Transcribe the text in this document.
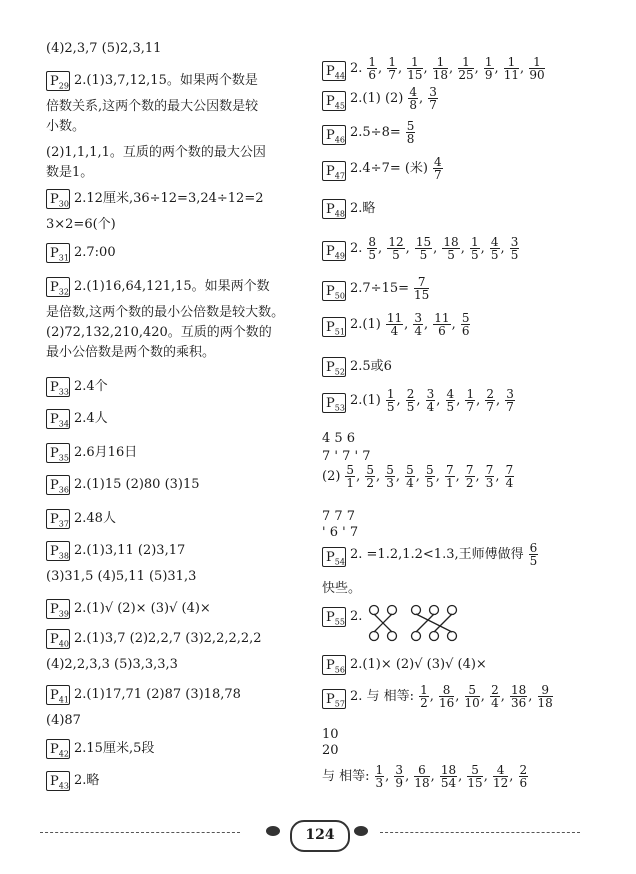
(4)2,3,7 (5)2,3,11
$P_{29}$ 2.(1)3,7,12,15。如果两个数是
倍数关系,这两个数的最大公因数是较
小数。
(2)1,1,1,1。互质的两个数的最大公因
数是1。
$P_{30}$ 2.12厘米,36÷12=3,24÷12=2
3×2=6(个)
$P_{31}$ 2.7:00
$P_{32}$ 2.(1)16,64,121,15。如果两个数
是倍数,这两个数的最小公倍数是较大数。
(2)72,132,210,420。互质的两个数的
最小公倍数是两个数的乘积。
$P_{33}$ 2.4个
$P_{34}$ 2.4人
$P_{35}$ 2.6月16日
$P_{36}$ 2.(1)15 (2)80 (3)15
$P_{37}$ 2.48人
$P_{38}$ 2.(1)3,11 (2)3,17
(3)31,5 (4)5,11 (5)31,3
$P_{39}$ 2.(1)√ (2)× (3)√ (4)×
$P_{40}$ 2.(1)3,7 (2)2,2,7 (3)2,2,2,2,2
(4)2,2,3,3 (5)3,3,3,3
$P_{41}$ 2.(1)17,71 (2)87 (3)18,78
(4)87
$P_{42}$ 2.15厘米,5段
$P_{43}$ 2.略
$P_{44}$
2. $\frac{1}{6}$ , $\frac{1}{7}$ , $\frac{1}{15}$ , $\frac{1}{18}$ , $\frac{1}{25}$ , $\frac{1}{9}$ , $\frac{1}{11}$ , $\frac{1}{90}$
$P_{45}$
2.(1) $(2) \frac{4}{8}$ , $\frac{3}{7}$
$P_{46}$
$2.5\div 8= \frac{5}{8}$
$P_{47}$
2.4÷7= (米) $\frac{4}{7}$
$P_{48}$ 2.略
$P_{49}$
2. $\frac{8}{5}$ , $\frac{12}{5}$ , $\frac{15}{5}$ , $\frac{18}{5}$ , $\frac{1}{5}$ , $\frac{4}{5}$ , $\frac{3}{5}$
$P_{50}$
$2.7\div 15= \frac{7}{15}$
$P_{51}$
$2.(1) \frac{11}{4}$ , $\frac{3}{4}$ , $\frac{11}{6}$ , $\frac{5}{6}$
$P_{52}$ 2.5或6
$P_{53}$
$2.(1) \frac{1}{5}$ , $\frac{2}{5}$ , $\frac{3}{4}$ , $\frac{4}{5}$ , $\frac{1}{7}$ , $\frac{2}{7}$ , $\frac{3}{7}$
4 5 6
7 ' 7 ' 7
$(2) \frac{5}{1}$ , $\frac{5}{2}$ , $\frac{5}{3}$ , $\frac{5}{4}$ , $\frac{5}{5}$ , $\frac{7}{1}$ , $\frac{7}{2}$ , $\frac{7}{3}$ , $\frac{7}{4}$
7 7 7
' 6 ' 7
$P_{54}$
2. =1.2,1.2<1.3,王师傅做得 $\frac{6}{5}$
快些。
$P_{55}$ 2.
$P_{56}$ 2.(1)× (2)√ (3)√ (4)×
$P_{57}$
2. 与 相等: $\frac{1}{2}$ , $\frac{8}{16}$ , $\frac{5}{10}$ , $\frac{2}{4}$ , $\frac{18}{36}$ , $\frac{9}{18}$
10
20
与 相等: $\frac{1}{3}$ , $\frac{3}{9}$ , $\frac{6}{18}$ , $\frac{18}{54}$ , $\frac{5}{15}$ , $\frac{4}{12}$ , $\frac{2}{6}$
124
